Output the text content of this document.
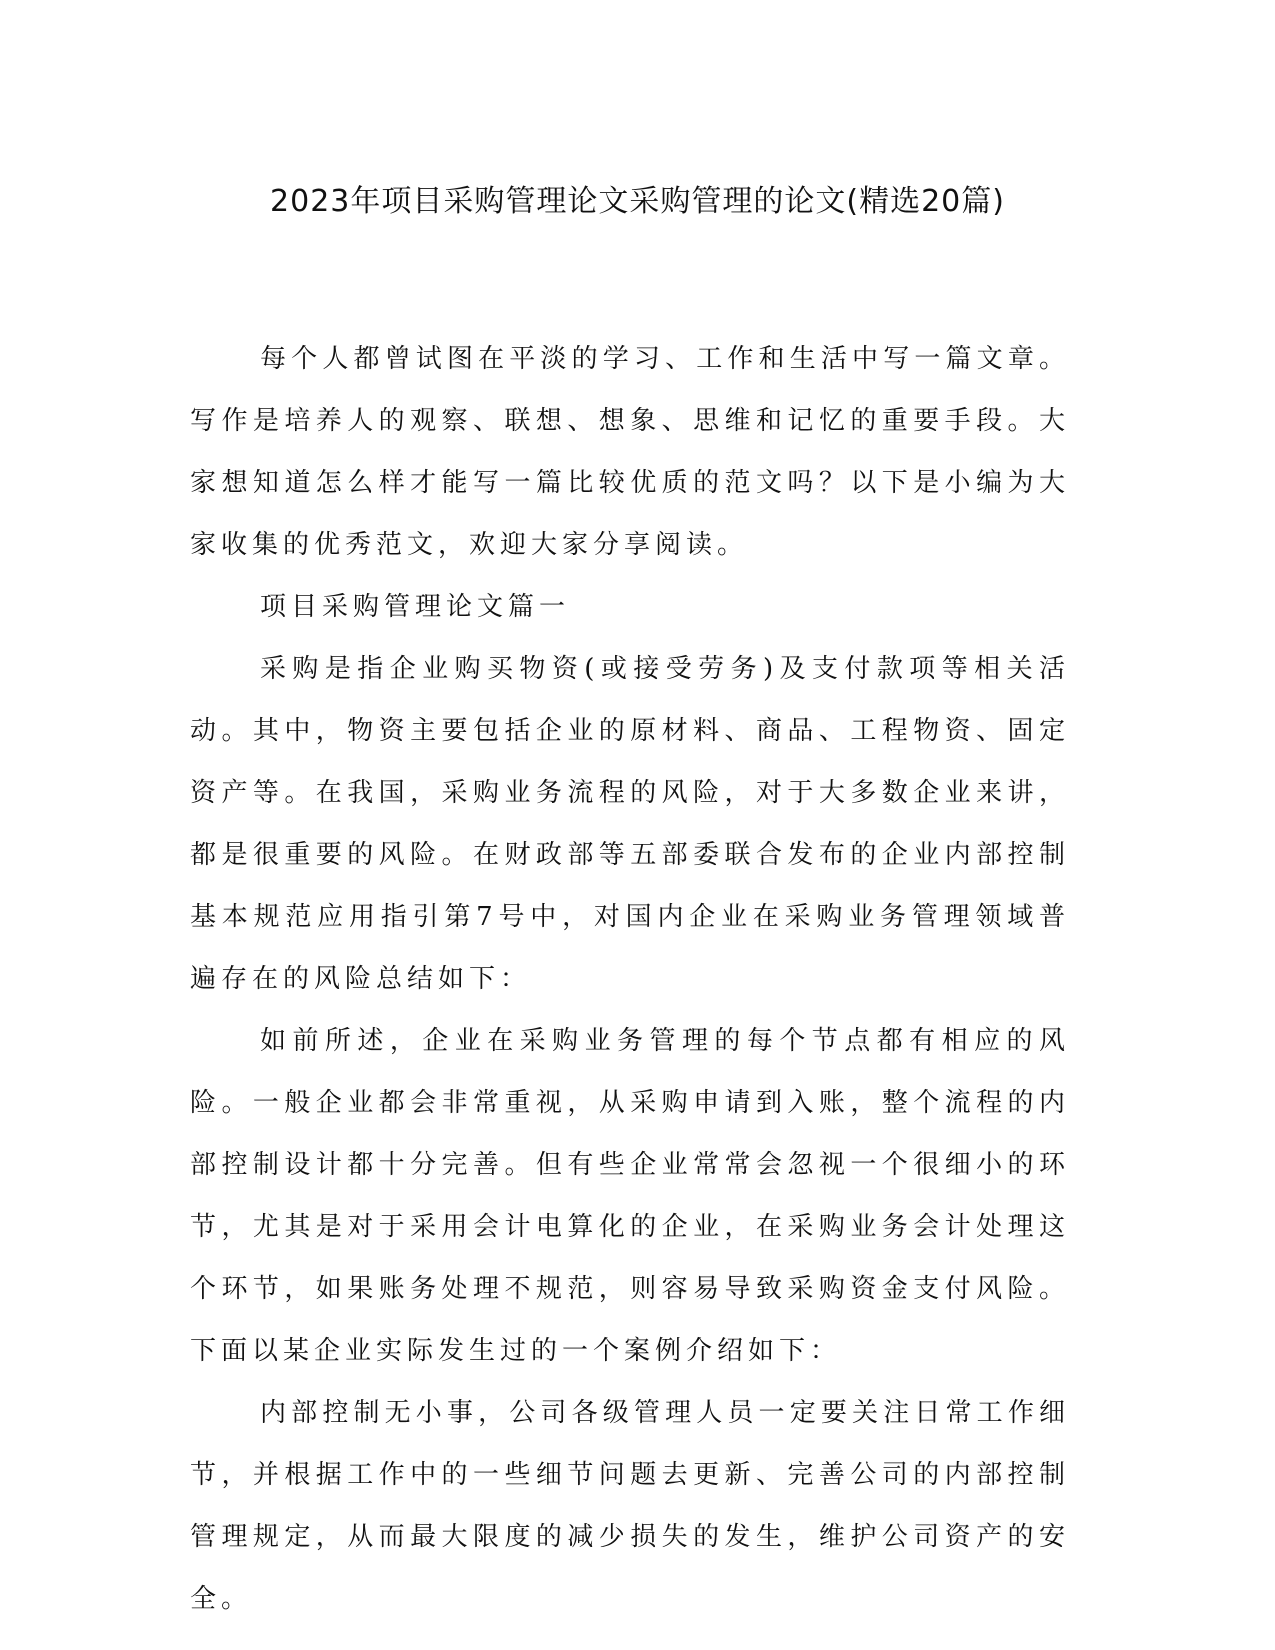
2023年项目采购管理论文采购管理的论文(精选20篇)

每个人都曾试图在平淡的学习、工作和生活中写一篇文章。写作是培养人的观察、联想、想象、思维和记忆的重要手段。大家想知道怎么样才能写一篇比较优质的范文吗？以下是小编为大家收集的优秀范文，欢迎大家分享阅读。

项目采购管理论文篇一

采购是指企业购买物资(或接受劳务)及支付款项等相关活动。其中，物资主要包括企业的原材料、商品、工程物资、固定资产等。在我国，采购业务流程的风险，对于大多数企业来讲，都是很重要的风险。在财政部等五部委联合发布的企业内部控制基本规范应用指引第7号中，对国内企业在采购业务管理领域普遍存在的风险总结如下：

如前所述，企业在采购业务管理的每个节点都有相应的风险。一般企业都会非常重视，从采购申请到入账，整个流程的内部控制设计都十分完善。但有些企业常常会忽视一个很细小的环节，尤其是对于采用会计电算化的企业，在采购业务会计处理这个环节，如果账务处理不规范，则容易导致采购资金支付风险。下面以某企业实际发生过的一个案例介绍如下：

内部控制无小事，公司各级管理人员一定要关注日常工作细节，并根据工作中的一些细节问题去更新、完善公司的内部控制管理规定，从而最大限度的减少损失的发生，维护公司资产的安全。
